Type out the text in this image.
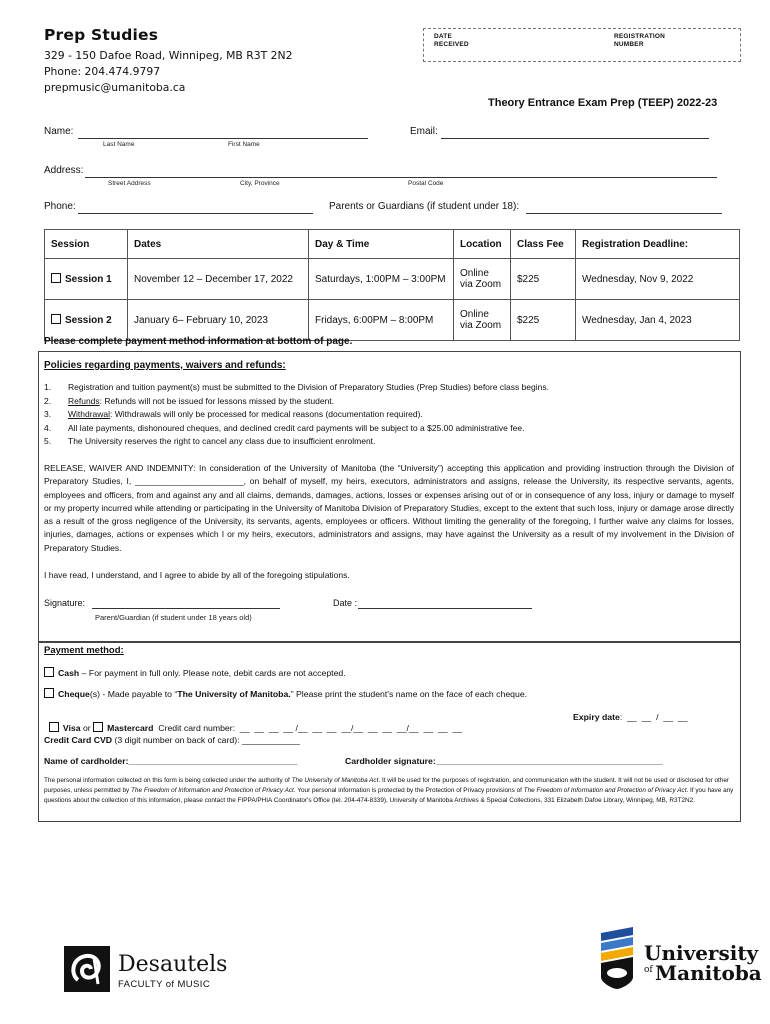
Prep Studies
329 - 150 Dafoe Road, Winnipeg, MB R3T 2N2
Phone: 204.474.9797
prepmusic@umanitoba.ca
DATE
RECEIVED
REGISTRATION
NUMBER
Theory Entrance Exam Prep (TEEP) 2022-23
Name:
Last Name	First Name
Email:
Address:
Street Address	City, Province	Postal Code
Phone:	Parents or Guardians (if student under 18):
Session	Dates	Day & Time	Location	Class Fee	Registration Deadline:
Session 1	November 12 – December 17, 2022	Saturdays, 1:00PM – 3:00PM	Online via Zoom	$225	Wednesday, Nov 9, 2022
Session 2	January 6– February 10, 2023	Fridays, 6:00PM – 8:00PM	Online via Zoom	$225	Wednesday, Jan 4, 2023
Please complete payment method information at bottom of page.
Policies regarding payments, waivers and refunds:
1.	Registration and tuition payment(s) must be submitted to the Division of Preparatory Studies (Prep Studies) before class begins.
2.	Refunds: Refunds will not be issued for lessons missed by the student.
3.	Withdrawal: Withdrawals will only be processed for medical reasons (documentation required).
4.	All late payments, dishonoured cheques, and declined credit card payments will be subject to a $25.00 administrative fee.
5.	The University reserves the right to cancel any class due to insufficient enrolment.
RELEASE, WAIVER AND INDEMNITY: In consideration of the University of Manitoba (the “University”) accepting this application and providing instruction through the Division of Preparatory Studies, I, _______________________, on behalf of myself, my heirs, executors, administrators and assigns, release the University, its respective servants, agents, employees and officers, from and against any and all claims, demands, damages, actions, losses or expenses arising out of or in consequence of any loss, injury or damage to myself or my property incurred while attending or participating in the University of Manitoba Division of Preparatory Studies, except to the extent that such loss, injury or damage arose directly as a result of the gross negligence of the University, its servants, agents, employees or officers. Without limiting the generality of the foregoing, I further waive any claims for losses, injuries, damages, actions or expenses which I or my heirs, executors, administrators and assigns, may have against the University as a result of my involvement in the Division of Preparatory Studies.
I have read, I understand, and I agree to abide by all of the foregoing stipulations.
Signature:
Parent/Guardian (if student under 18 years old)
Date :
Payment method:
Cash – For payment in full only. Please note, debit cards are not accepted.
Cheque(s) - Made payable to “The University of Manitoba.” Please print the student's name on the face of each cheque.

Visa or Mastercard Credit card number: __  __  __  __ /__  __  __  __/__  __  __  __/__  __  __  __

Expiry date:  __  __  /  __  __
Credit Card CVD (3 digit number on back of card): ____________
Name of cardholder:___________________________________	Cardholder signature:_______________________________________________
The personal information collected on this form is being collected under the authority of The University of Manitoba Act. It will be used for the purposes of registration, and communication with the student. It will not be used or disclosed for other purposes, unless permitted by The Freedom of Information and Protection of Privacy Act. Your personal information is protected by the Protection of Privacy provisions of The Freedom of Information and Protection of Privacy Act. If you have any questions about the collection of this information, please contact the FIPPA/PHIA Coordinator's Office (tel. 204-474-8339), University of Manitoba Archives & Special Collections, 331 Elizabeth Dafoe Library, Winnipeg, MB, R3T2N2.
Desautels
FACULTY of MUSIC
University
of Manitoba
